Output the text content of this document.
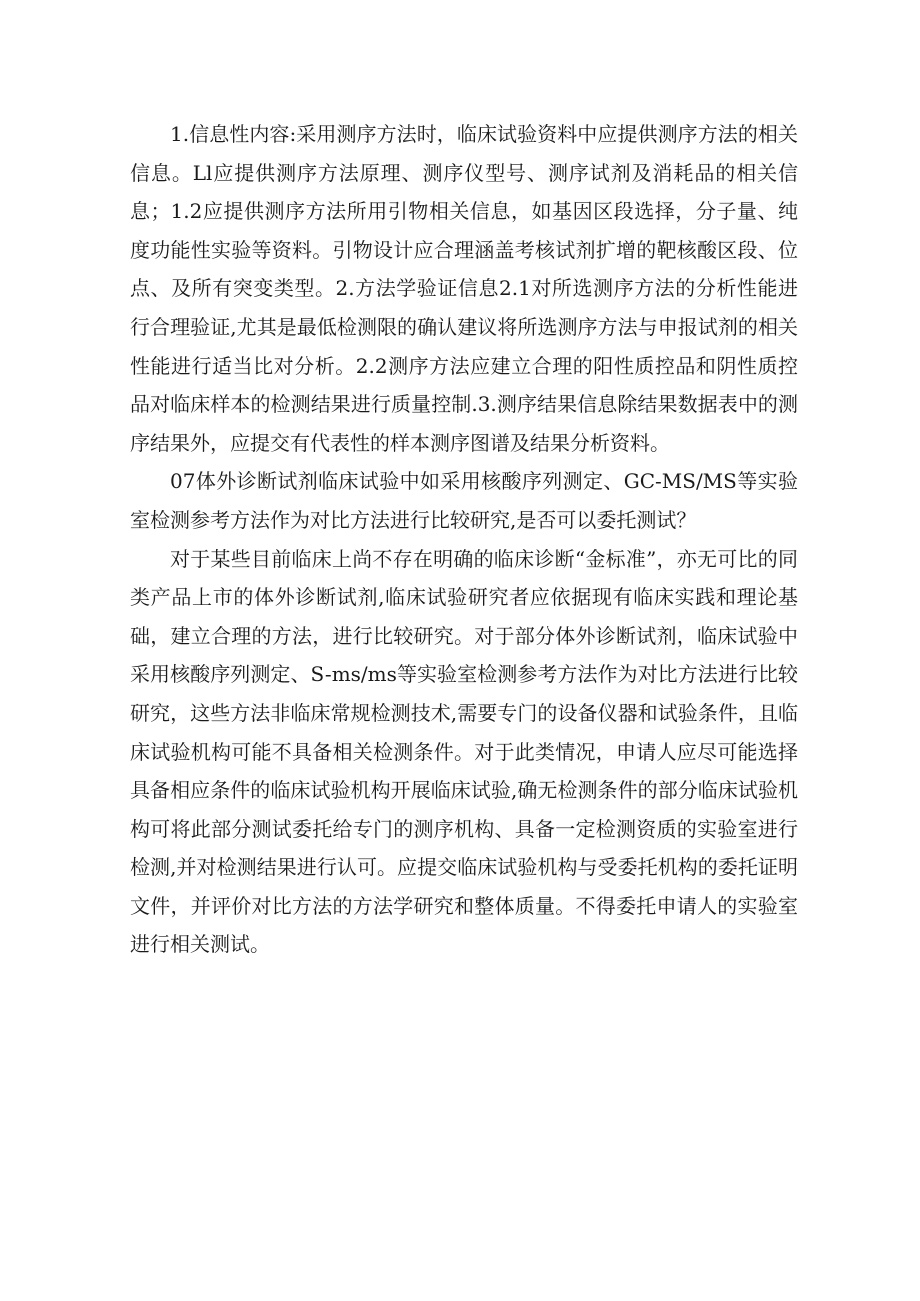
1.信息性内容:采用测序方法时，临床试验资料中应提供测序方法的相关信息。Ll应提供测序方法原理、测序仪型号、测序试剂及消耗品的相关信息；1.2应提供测序方法所用引物相关信息，如基因区段选择，分子量、纯度功能性实验等资料。引物设计应合理涵盖考核试剂扩增的靶核酸区段、位点、及所有突变类型。2.方法学验证信息2.1对所选测序方法的分析性能进行合理验证,尤其是最低检测限的确认建议将所选测序方法与申报试剂的相关性能进行适当比对分析。2.2测序方法应建立合理的阳性质控品和阴性质控品对临床样本的检测结果进行质量控制.3.测序结果信息除结果数据表中的测序结果外，应提交有代表性的样本测序图谱及结果分析资料。

07体外诊断试剂临床试验中如采用核酸序列测定、GC-MS/MS等实验室检测参考方法作为对比方法进行比较研究,是否可以委托测试？

对于某些目前临床上尚不存在明确的临床诊断“金标准”，亦无可比的同类产品上市的体外诊断试剂,临床试验研究者应依据现有临床实践和理论基础，建立合理的方法，进行比较研究。对于部分体外诊断试剂，临床试验中采用核酸序列测定、S-ms/ms等实验室检测参考方法作为对比方法进行比较研究，这些方法非临床常规检测技术,需要专门的设备仪器和试验条件，且临床试验机构可能不具备相关检测条件。对于此类情况，申请人应尽可能选择具备相应条件的临床试验机构开展临床试验,确无检测条件的部分临床试验机构可将此部分测试委托给专门的测序机构、具备一定检测资质的实验室进行检测,并对检测结果进行认可。应提交临床试验机构与受委托机构的委托证明文件，并评价对比方法的方法学研究和整体质量。不得委托申请人的实验室进行相关测试。
